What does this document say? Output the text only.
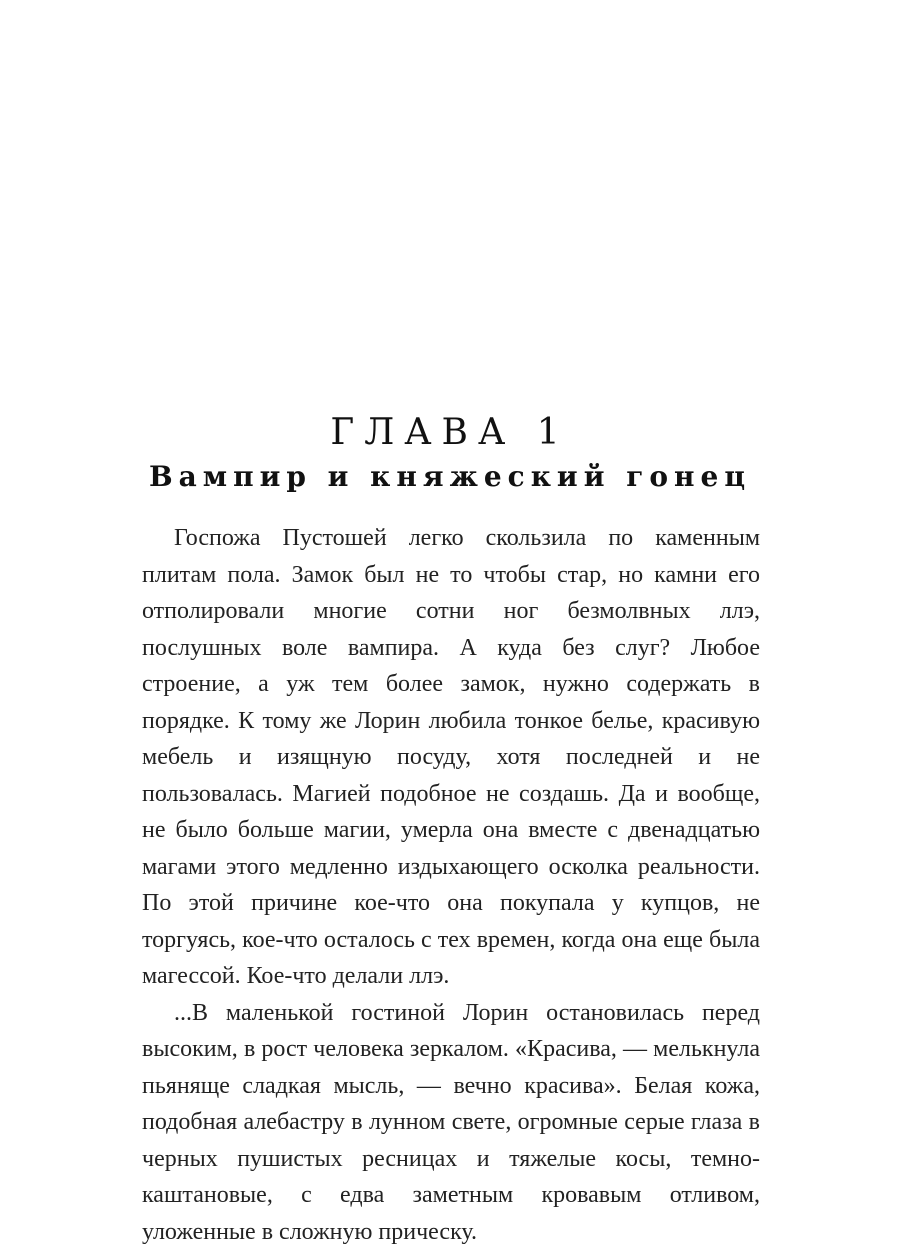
ГЛАВА 1
Вампир и княжеский гонец

Госпожа Пустошей легко скользила по каменным плитам пола. Замок был не то чтобы стар, но камни его отполировали многие сотни ног безмолвных ллэ, послушных воле вампира. А куда без слуг? Любое строение, а уж тем более замок, нужно содержать в порядке. К тому же Лорин любила тонкое белье, красивую мебель и изящную посуду, хотя последней и не пользовалась. Магией подобное не создашь. Да и вообще, не было больше магии, умерла она вместе с двенадцатью магами этого медленно издыхающего осколка реальности. По этой причине кое-что она покупала у купцов, не торгуясь, кое-что осталось с тех времен, когда она еще была магессой. Кое-что делали ллэ.

...В маленькой гостиной Лорин остановилась перед высоким, в рост человека зеркалом. «Красива, — мелькнула пьяняще сладкая мысль, — вечно красива». Белая кожа, подобная алебастру в лунном свете, огромные серые глаза в черных пушистых ресницах и тяжелые косы, темно-каштановые, с едва заметным кровавым отливом, уложенные в сложную прическу.
